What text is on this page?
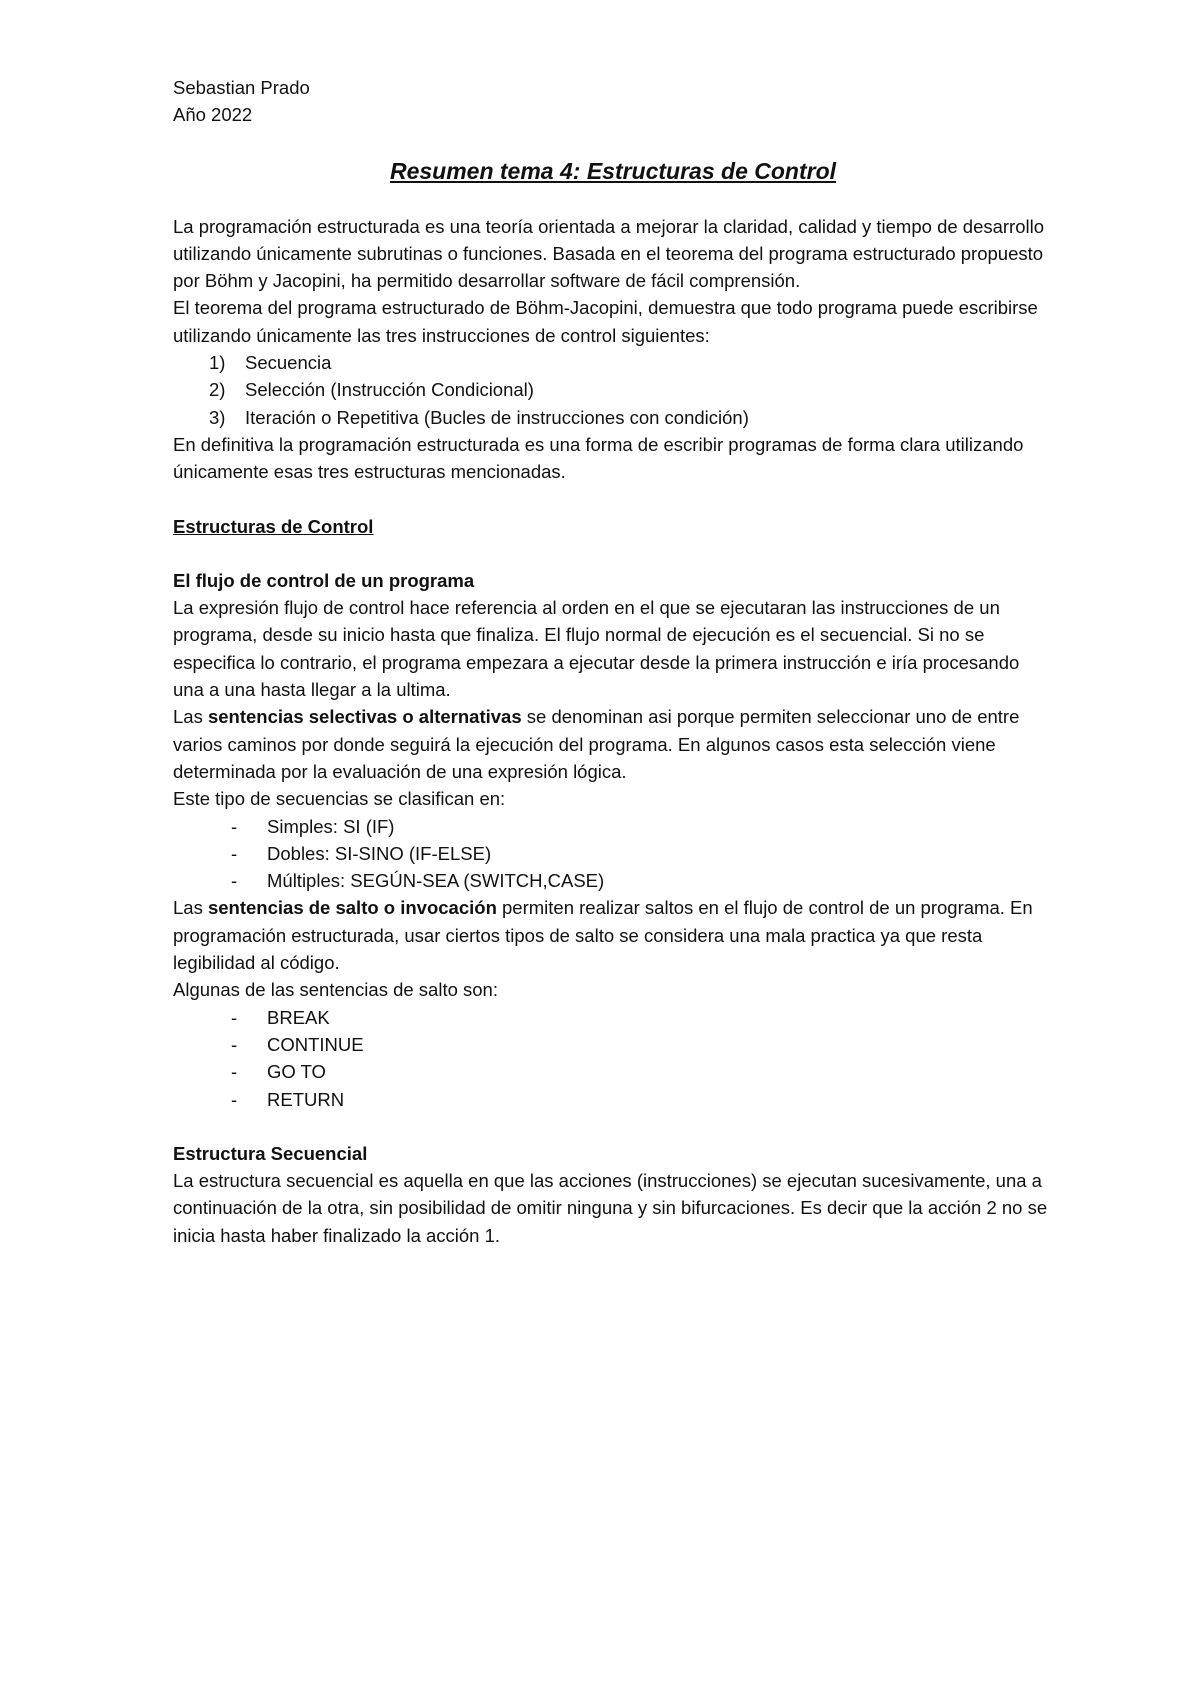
Sebastian Prado
Año 2022
Resumen tema 4: Estructuras de Control

La programación estructurada es una teoría orientada a mejorar la claridad, calidad y tiempo de desarrollo utilizando únicamente subrutinas o funciones. Basada en el teorema del programa estructurado propuesto por Böhm y Jacopini, ha permitido desarrollar software de fácil comprensión.

El teorema del programa estructurado de Böhm-Jacopini, demuestra que todo programa puede escribirse utilizando únicamente las tres instrucciones de control siguientes:

1) Secuencia
2) Selección (Instrucción Condicional)
3) Iteración o Repetitiva (Bucles de instrucciones con condición)

En definitiva la programación estructurada es una forma de escribir programas de forma clara utilizando únicamente esas tres estructuras mencionadas.

Estructuras de Control
El flujo de control de un programa

La expresión flujo de control hace referencia al orden en el que se ejecutaran las instrucciones de un programa, desde su inicio hasta que finaliza. El flujo normal de ejecución es el secuencial. Si no se especifica lo contrario, el programa empezara a ejecutar desde la primera instrucción e iría procesando una a una hasta llegar a la ultima.

Las sentencias selectivas o alternativas se denominan asi porque permiten seleccionar uno de entre varios caminos por donde seguirá la ejecución del programa. En algunos casos esta selección viene determinada por la evaluación de una expresión lógica.

Este tipo de secuencias se clasifican en:

- Simples: SI (IF)
- Dobles: SI-SINO (IF-ELSE)
- Múltiples: SEGÚN-SEA (SWITCH,CASE)

Las sentencias de salto o invocación permiten realizar saltos en el flujo de control de un programa. En programación estructurada, usar ciertos tipos de salto se considera una mala practica ya que resta legibilidad al código.

Algunas de las sentencias de salto son:

- BREAK
- CONTINUE
- GO TO
- RETURN
Estructura Secuencial

La estructura secuencial es aquella en que las acciones (instrucciones) se ejecutan sucesivamente, una a continuación de la otra, sin posibilidad de omitir ninguna y sin bifurcaciones. Es decir que la acción 2 no se inicia hasta haber finalizado la acción 1.
